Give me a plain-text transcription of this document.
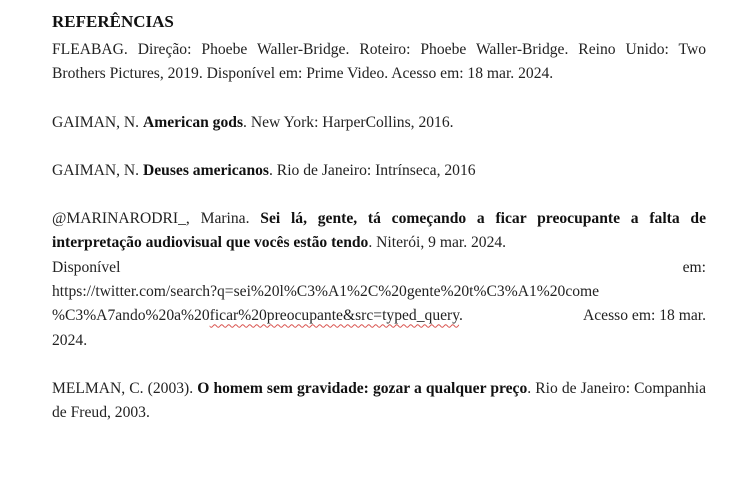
REFERÊNCIAS

FLEABAG. Direção: Phoebe Waller-Bridge. Roteiro: Phoebe Waller-Bridge. Reino Unido: Two Brothers Pictures, 2019. Disponível em: Prime Video. Acesso em: 18 mar. 2024.

GAIMAN, N. American gods. New York: HarperCollins, 2016.

GAIMAN, N. Deuses americanos. Rio de Janeiro: Intrínseca, 2016

@MARINARODRI_, Marina. Sei lá, gente, tá começando a ficar preocupante a falta de interpretação audiovisual que vocês estão tendo. Niterói, 9 mar. 2024.
Disponível	em:
https://twitter.com/search?q=sei%20l%C3%A1%2C%20gente%20t%C3%A1%20come
%C3%A7ando%20a%20ficar%20preocupante&src=typed_query.	Acesso em: 18 mar.
2024.

MELMAN, C. (2003). O homem sem gravidade: gozar a qualquer preço. Rio de Janeiro: Companhia de Freud, 2003.
